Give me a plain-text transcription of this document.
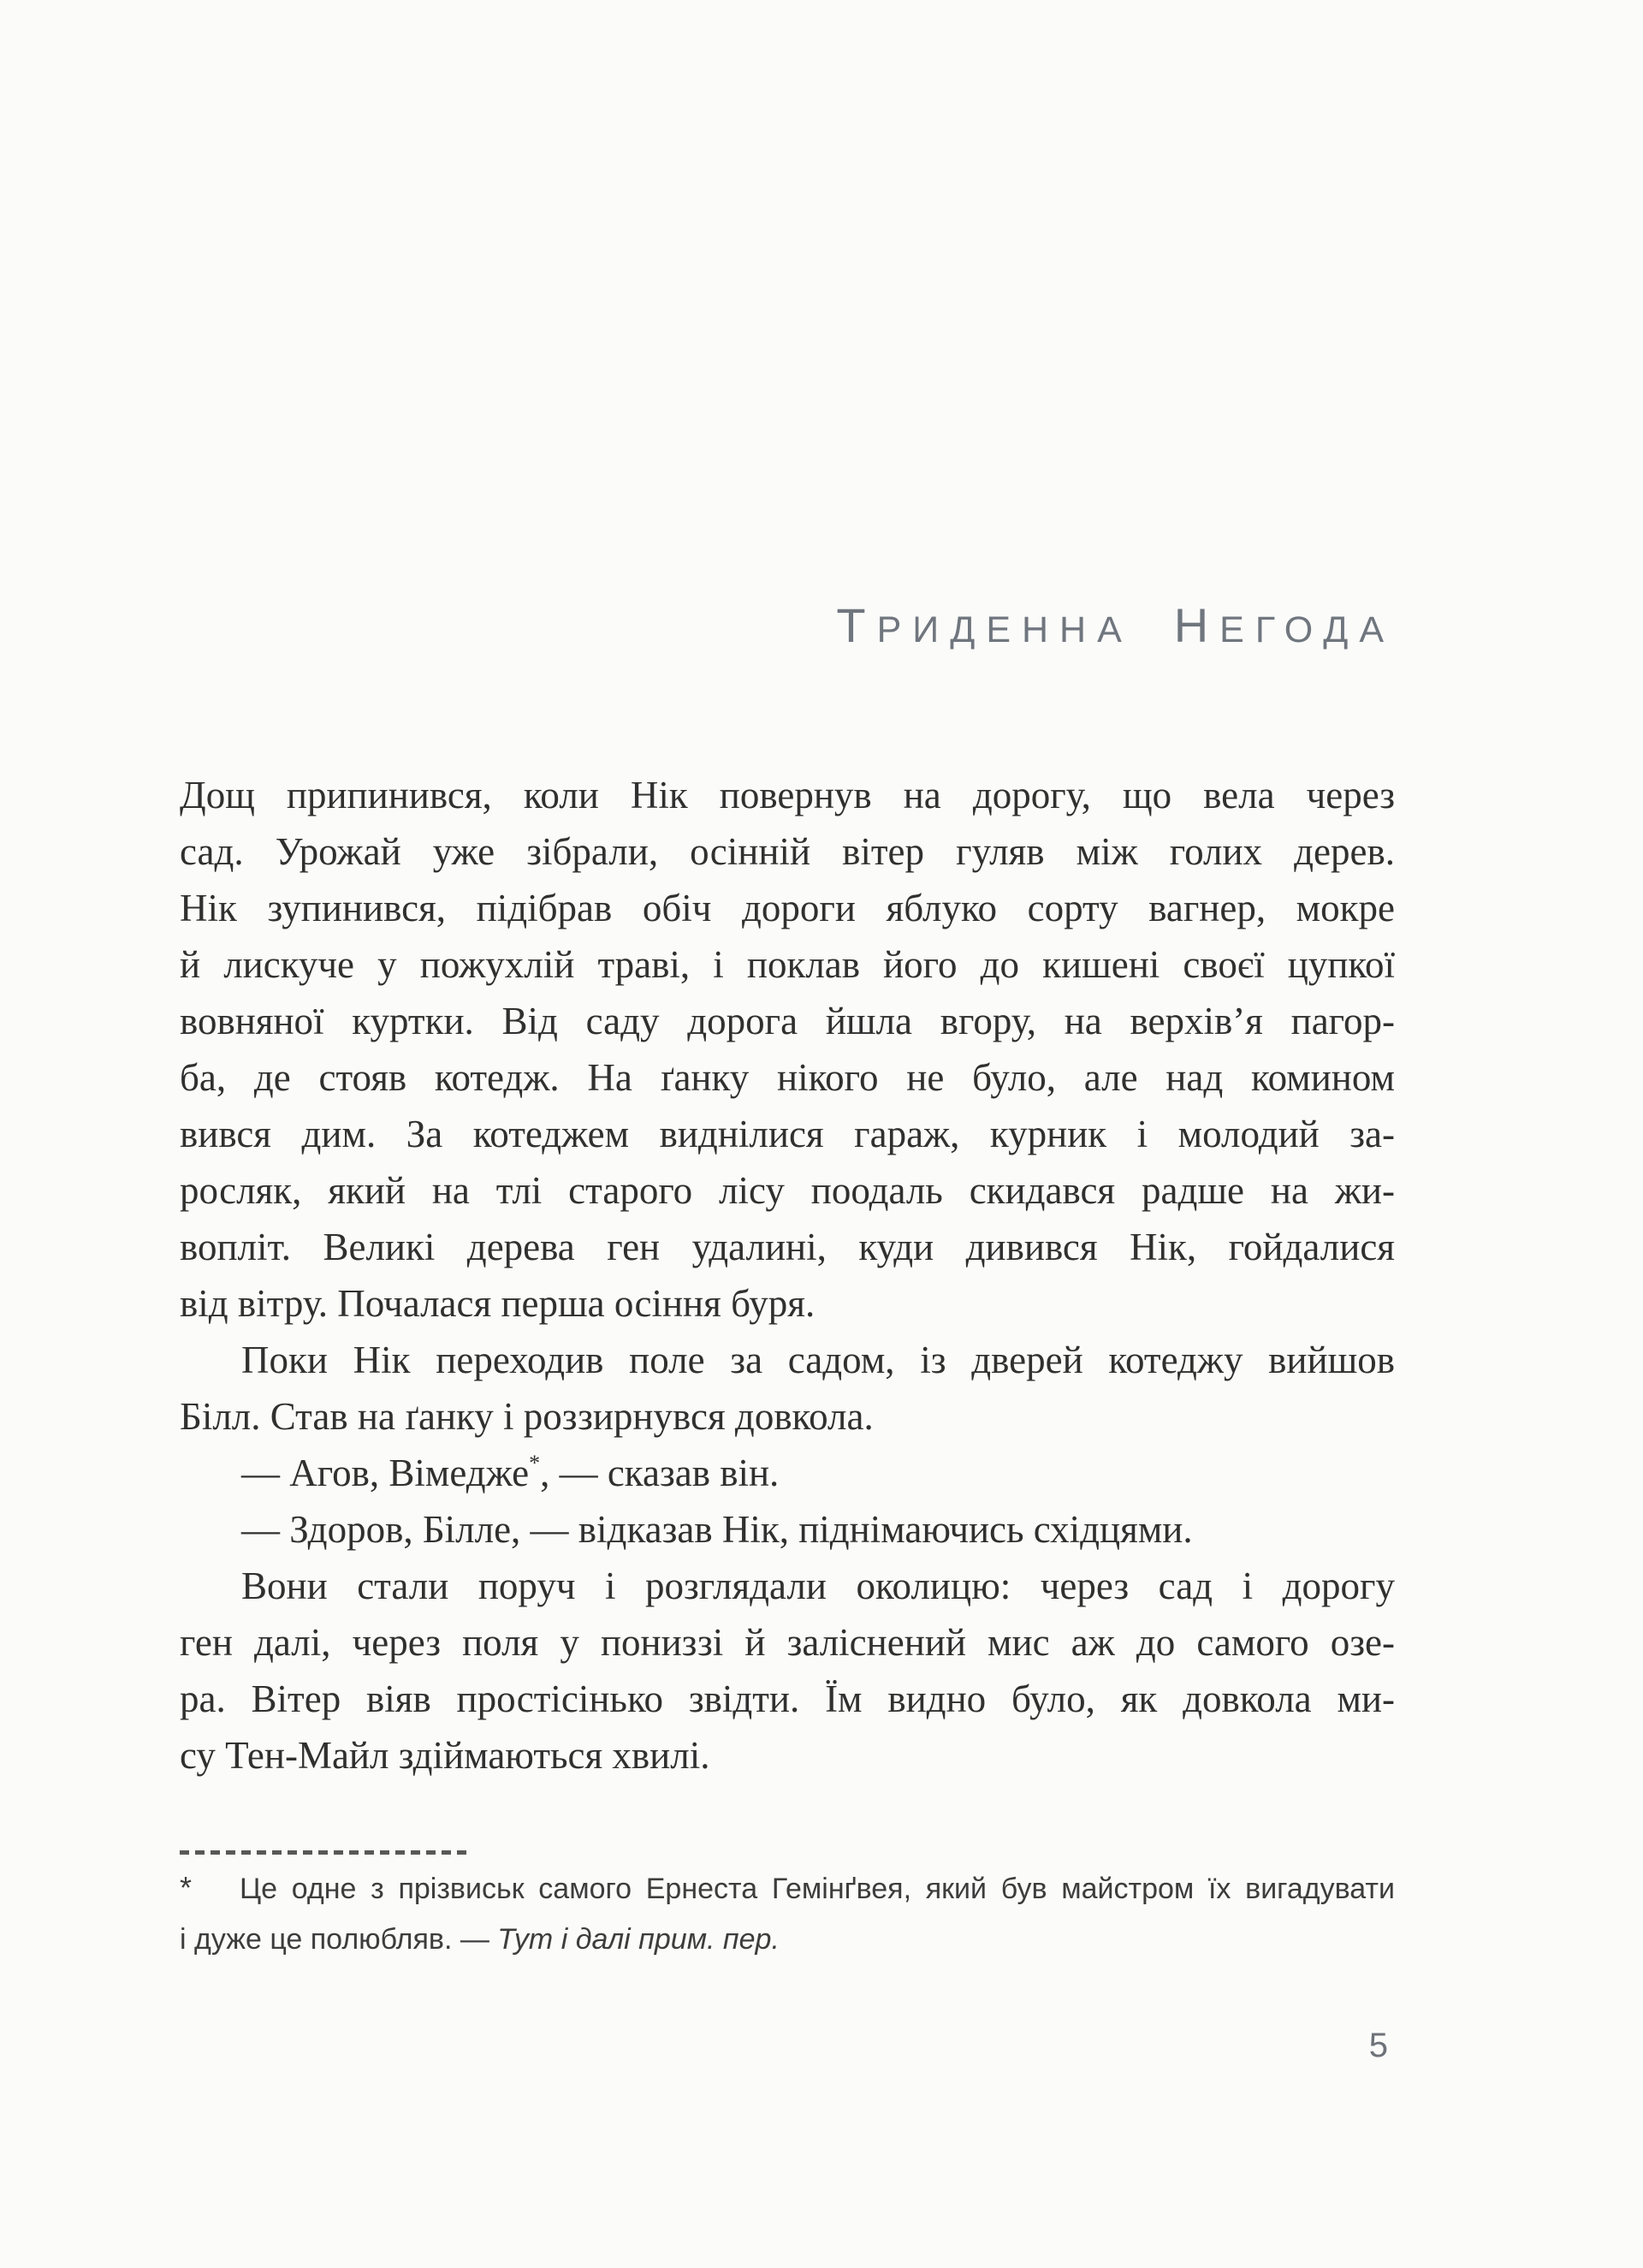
ТРИДЕННА НЕГОДА
Дощ припинився, коли Нік повернув на дорогу, що вела через
сад. Урожай уже зібрали, осінній вітер гуляв між голих дерев.
Нік зупинився, підібрав обіч дороги яблуко сорту вагнер, мокре
й лискуче у пожухлій траві, і поклав його до кишені своєї цупкої
вовняної куртки. Від саду дорога йшла вгору, на верхів’я пагор-
ба, де стояв котедж. На ґанку нікого не було, але над комином
вився дим. За котеджем виднілися гараж, курник і молодий за-
росляк, який на тлі старого лісу поодаль скидався радше на жи-
вопліт. Великі дерева ген удалині, куди дивився Нік, гойдалися
від вітру. Почалася перша осіння буря.
Поки Нік переходив поле за садом, із дверей котеджу вийшов
Білл. Став на ґанку і роззирнувся довкола.
— Агов, Вімедже*, — сказав він.
— Здоров, Білле, — відказав Нік, піднімаючись східцями.
Вони стали поруч і розглядали околицю: через сад і дорогу
ген далі, через поля у пониззі й заліснений мис аж до самого озе-
ра. Вітер віяв простісінько звідти. Їм видно було, як довкола ми-
су Тен-Майл здіймаються хвилі.
* Це одне з прізвиськ самого Ернеста Гемінґвея, який був майстром їх вигадувати
і дуже це полюбляв. — Тут і далі прим. пер.
5
